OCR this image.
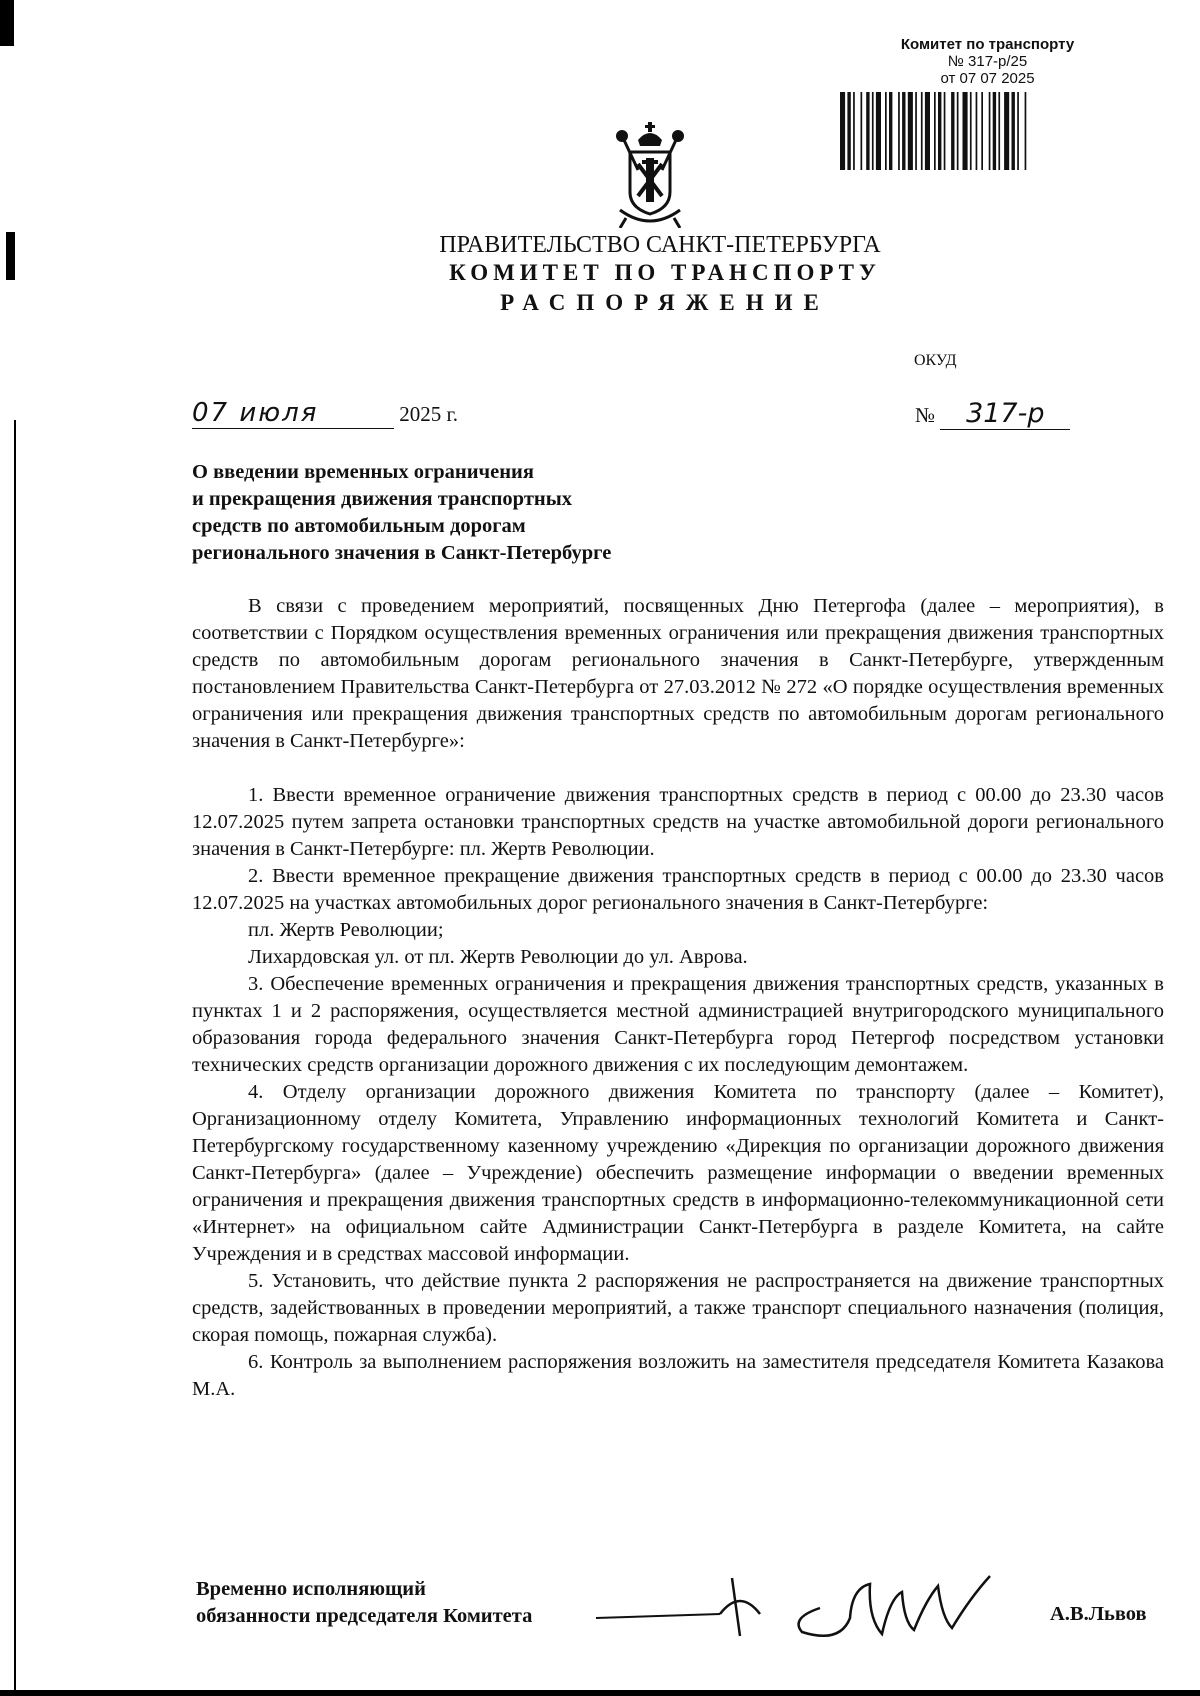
Комитет по транспорту
№ 317-р/25
от 07 07 2025
ПРАВИТЕЛЬСТВО САНКТ-ПЕТЕРБУРГА
КОМИТЕТ ПО ТРАНСПОРТУ
РАСПОРЯЖЕНИЕ
ОКУД
07 июля	2025 г.	№ 317-р
О введении временных ограничения
и прекращения движения транспортных
средств по автомобильным дорогам
регионального значения в Санкт-Петербурге

В связи с проведением мероприятий, посвященных Дню Петергофа (далее – мероприятия), в соответствии с Порядком осуществления временных ограничения или прекращения движения транспортных средств по автомобильным дорогам регионального значения в Санкт-Петербурге, утвержденным постановлением Правительства Санкт-Петербурга от 27.03.2012 № 272 «О порядке осуществления временных ограничения или прекращения движения транспортных средств по автомобильным дорогам регионального значения в Санкт-Петербурге»:

1. Ввести временное ограничение движения транспортных средств в период с 00.00 до 23.30 часов 12.07.2025 путем запрета остановки транспортных средств на участке автомобильной дороги регионального значения в Санкт-Петербурге: пл. Жертв Революции.

2. Ввести временное прекращение движения транспортных средств в период с 00.00 до 23.30 часов 12.07.2025 на участках автомобильных дорог регионального значения в Санкт-Петербурге:

пл. Жертв Революции;

Лихардовская ул. от пл. Жертв Революции до ул. Аврова.

3. Обеспечение временных ограничения и прекращения движения транспортных средств, указанных в пунктах 1 и 2 распоряжения, осуществляется местной администрацией внутригородского муниципального образования города федерального значения Санкт-Петербурга город Петергоф посредством установки технических средств организации дорожного движения с их последующим демонтажем.

4. Отделу организации дорожного движения Комитета по транспорту (далее – Комитет), Организационному отделу Комитета, Управлению информационных технологий Комитета и Санкт-Петербургскому государственному казенному учреждению «Дирекция по организации дорожного движения Санкт-Петербурга» (далее – Учреждение) обеспечить размещение информации о введении временных ограничения и прекращения движения транспортных средств в информационно-телекоммуникационной сети «Интернет» на официальном сайте Администрации Санкт-Петербурга в разделе Комитета, на сайте Учреждения и в средствах массовой информации.

5. Установить, что действие пункта 2 распоряжения не распространяется на движение транспортных средств, задействованных в проведении мероприятий, а также транспорт специального назначения (полиция, скорая помощь, пожарная служба).

6. Контроль за выполнением распоряжения возложить на заместителя председателя Комитета Казакова М.А.

Временно исполняющий
обязанности председателя Комитета	А.В.Львов
